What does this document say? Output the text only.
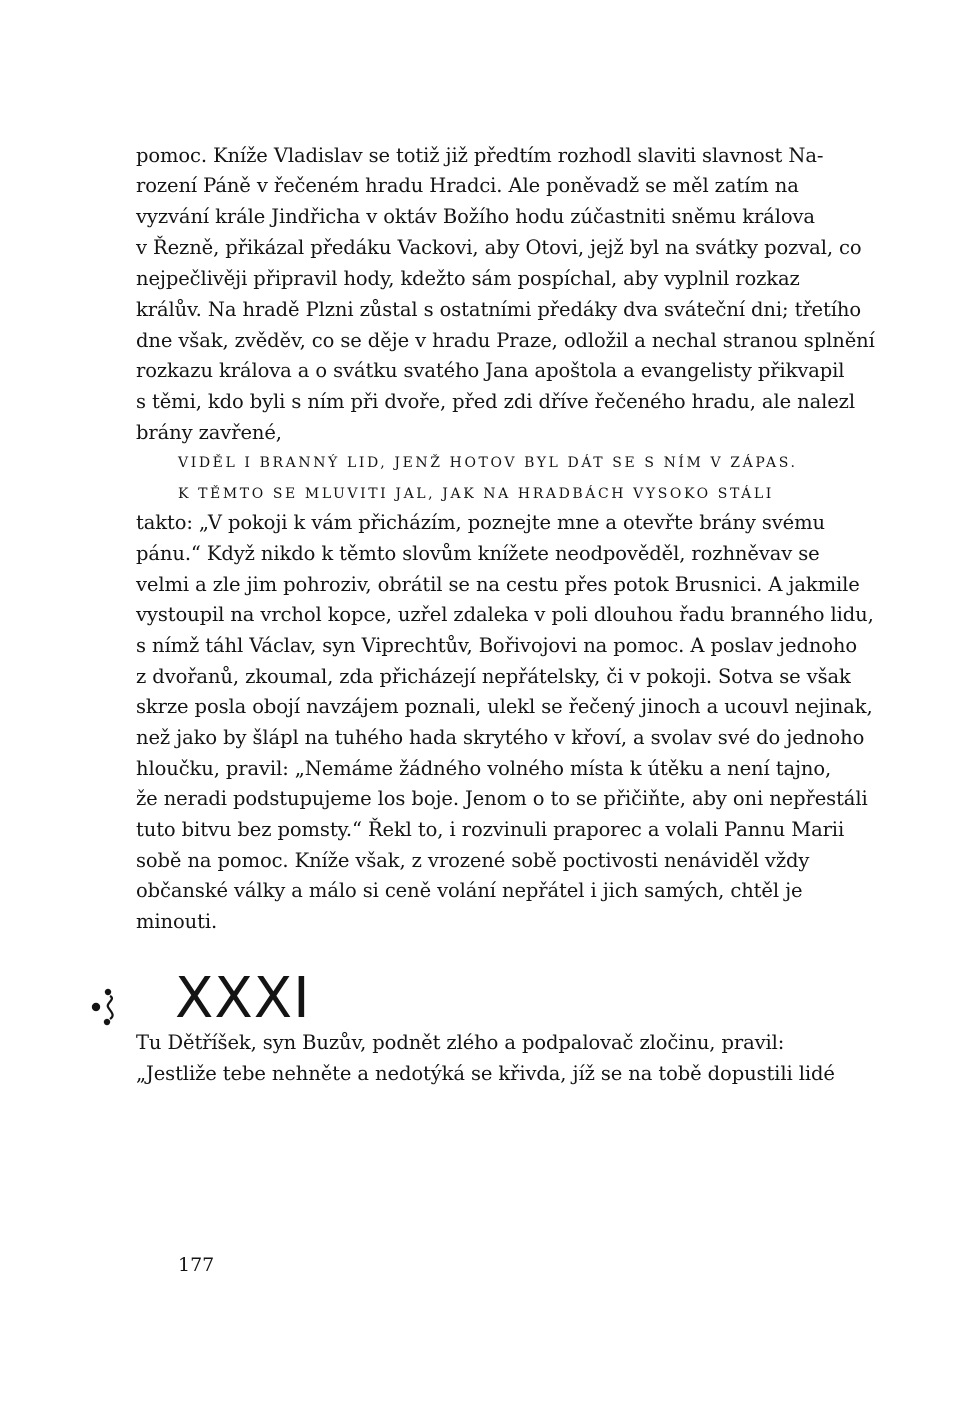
pomoc. Kníže Vladislav se totiž již předtím rozhodl slaviti slavnost Na-
rození Páně v řečeném hradu Hradci. Ale poněvadž se měl zatím na
vyzvání krále Jindřicha v oktáv Božího hodu zúčastniti sněmu králova
v Řezně, přikázal předáku Vackovi, aby Otovi, jejž byl na svátky pozval, co
nejpečlivěji připravil hody, kdežto sám pospíchal, aby vyplnil rozkaz
králův. Na hradě Plzni zůstal s ostatními předáky dva sváteční dni; třetího
dne však, zvěděv, co se děje v hradu Praze, odložil a nechal stranou splnění
rozkazu králova a o svátku svatého Jana apoštola a evangelisty přikvapil
s těmi, kdo byli s ním při dvoře, před zdi dříve řečeného hradu, ale nalezl
brány zavřené,
VIDĚL I BRANNÝ LID, JENŽ HOTOV BYL DÁT SE S NÍM V ZÁPAS.
K TĚMTO SE MLUVITI JAL, JAK NA HRADBÁCH VYSOKO STÁLI
takto: „V pokoji k vám přicházím, poznejte mne a otevřte brány svému
pánu.“ Když nikdo k těmto slovům knížete neodpověděl, rozhněvav se
velmi a zle jim pohroziv, obrátil se na cestu přes potok Brusnici. A jakmile
vystoupil na vrchol kopce, uzřel zdaleka v poli dlouhou řadu branného lidu,
s nímž táhl Václav, syn Viprechtův, Bořivojovi na pomoc. A poslav jednoho
z dvořanů, zkoumal, zda přicházejí nepřátelsky, či v pokoji. Sotva se však
skrze posla obojí navzájem poznali, ulekl se řečený jinoch a ucouvl nejinak,
než jako by šlápl na tuhého hada skrytého v křoví, a svolav své do jednoho
hloučku, pravil: „Nemáme žádného volného místa k útěku a není tajno,
že neradi podstupujeme los boje. Jenom o to se přičiňte, aby oni nepřestáli
tuto bitvu bez pomsty.“ Řekl to, i rozvinuli praporec a volali Pannu Marii
sobě na pomoc. Kníže však, z vrozené sobě poctivosti nenáviděl vždy
občanské války a málo si ceně volání nepřátel i jich samých, chtěl je
minouti.
XXXI
Tu Dětříšek, syn Buzův, podnět zlého a podpalovač zločinu, pravil:
„Jestliže tebe nehněte a nedotýká se křivda, jíž se na tobě dopustili lidé
177
